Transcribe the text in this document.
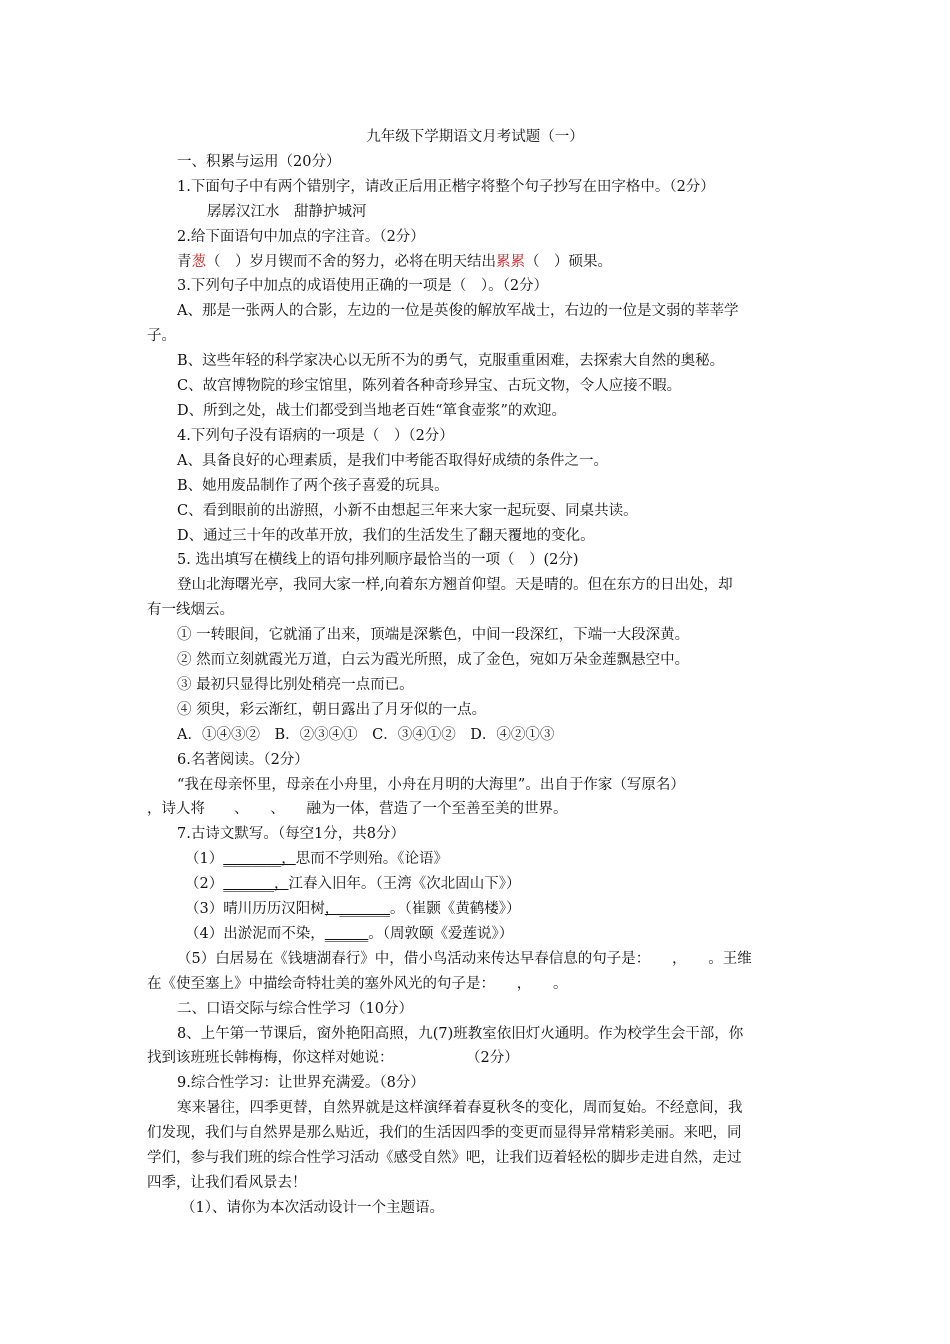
九年级下学期语文月考试题（一）
一、积累与运用（20分）
1.下面句子中有两个错别字，请改正后用正楷字将整个句子抄写在田字格中。（2分）
孱孱汉江水　甜静护城河
2.给下面语句中加点的字注音。（2分）
青葱（　）岁月锲而不舍的努力，必将在明天结出累累（　）硕果。
3.下列句子中加点的成语使用正确的一项是（　）。（2分）
A、那是一张两人的合影，左边的一位是英俊的解放军战士，右边的一位是文弱的莘莘学
子。
B、这些年轻的科学家决心以无所不为的勇气，克服重重困难，去探索大自然的奥秘。
C、故宫博物院的珍宝馆里，陈列着各种奇珍异宝、古玩文物，令人应接不暇。
D、所到之处，战士们都受到当地老百姓“箪食壶浆”的欢迎。
4.下列句子没有语病的一项是（　）（2分）
A、具备良好的心理素质，是我们中考能否取得好成绩的条件之一。
B、她用废品制作了两个孩子喜爱的玩具。
C、看到眼前的出游照，小新不由想起三年来大家一起玩耍、同桌共读。
D、通过三十年的改革开放，我们的生活发生了翻天覆地的变化。
5. 选出填写在横线上的语句排列顺序最恰当的一项（　）(2分)
登山北海曙光亭，我同大家一样,向着东方翘首仰望。天是晴的。但在东方的日出处，却
有一线烟云。
① 一转眼间，它就涌了出来，顶端是深紫色，中间一段深红，下端一大段深黄。
② 然而立刻就霞光万道，白云为霞光所照，成了金色，宛如万朵金莲飘悬空中。
③ 最初只显得比别处稍亮一点而已。
④ 须臾，彩云渐红，朝日露出了月牙似的一点。
A．①④③②　B．②③④①　C．③④①②　D．④②①③
6.名著阅读。（2分）
“我在母亲怀里，母亲在小舟里，小舟在月明的大海里”。出自于作家（写原名）
，诗人将　　、　　、　　融为一体，营造了一个至善至美的世界。
7.古诗文默写。（每空1分，共8分）
（1）________，思而不学则殆。《论语》
（2）_______，江春入旧年。（王湾《次北固山下》）
（3）晴川历历汉阳树，_______。（崔颢《黄鹤楼》）
（4）出淤泥而不染，______。（周敦颐《爱莲说》）
（5）白居易在《钱塘湖春行》中，借小鸟活动来传达早春信息的句子是：　　，　　。王维
在《使至塞上》中描绘奇特壮美的塞外风光的句子是：　　，　　。
二、口语交际与综合性学习（10分）
8、上午第一节课后，窗外艳阳高照，九(7)班教室依旧灯火通明。作为校学生会干部，你
找到该班班长韩梅梅，你这样对她说：　　　　　　（2分）
9.综合性学习：让世界充满爱。（8分）
寒来暑往，四季更替，自然界就是这样演绎着春夏秋冬的变化，周而复始。不经意间，我
们发现，我们与自然界是那么贴近，我们的生活因四季的变更而显得异常精彩美丽。来吧，同
学们，参与我们班的综合性学习活动《感受自然》吧，让我们迈着轻松的脚步走进自然，走过
四季，让我们看风景去！
（1）、请你为本次活动设计一个主题语。
